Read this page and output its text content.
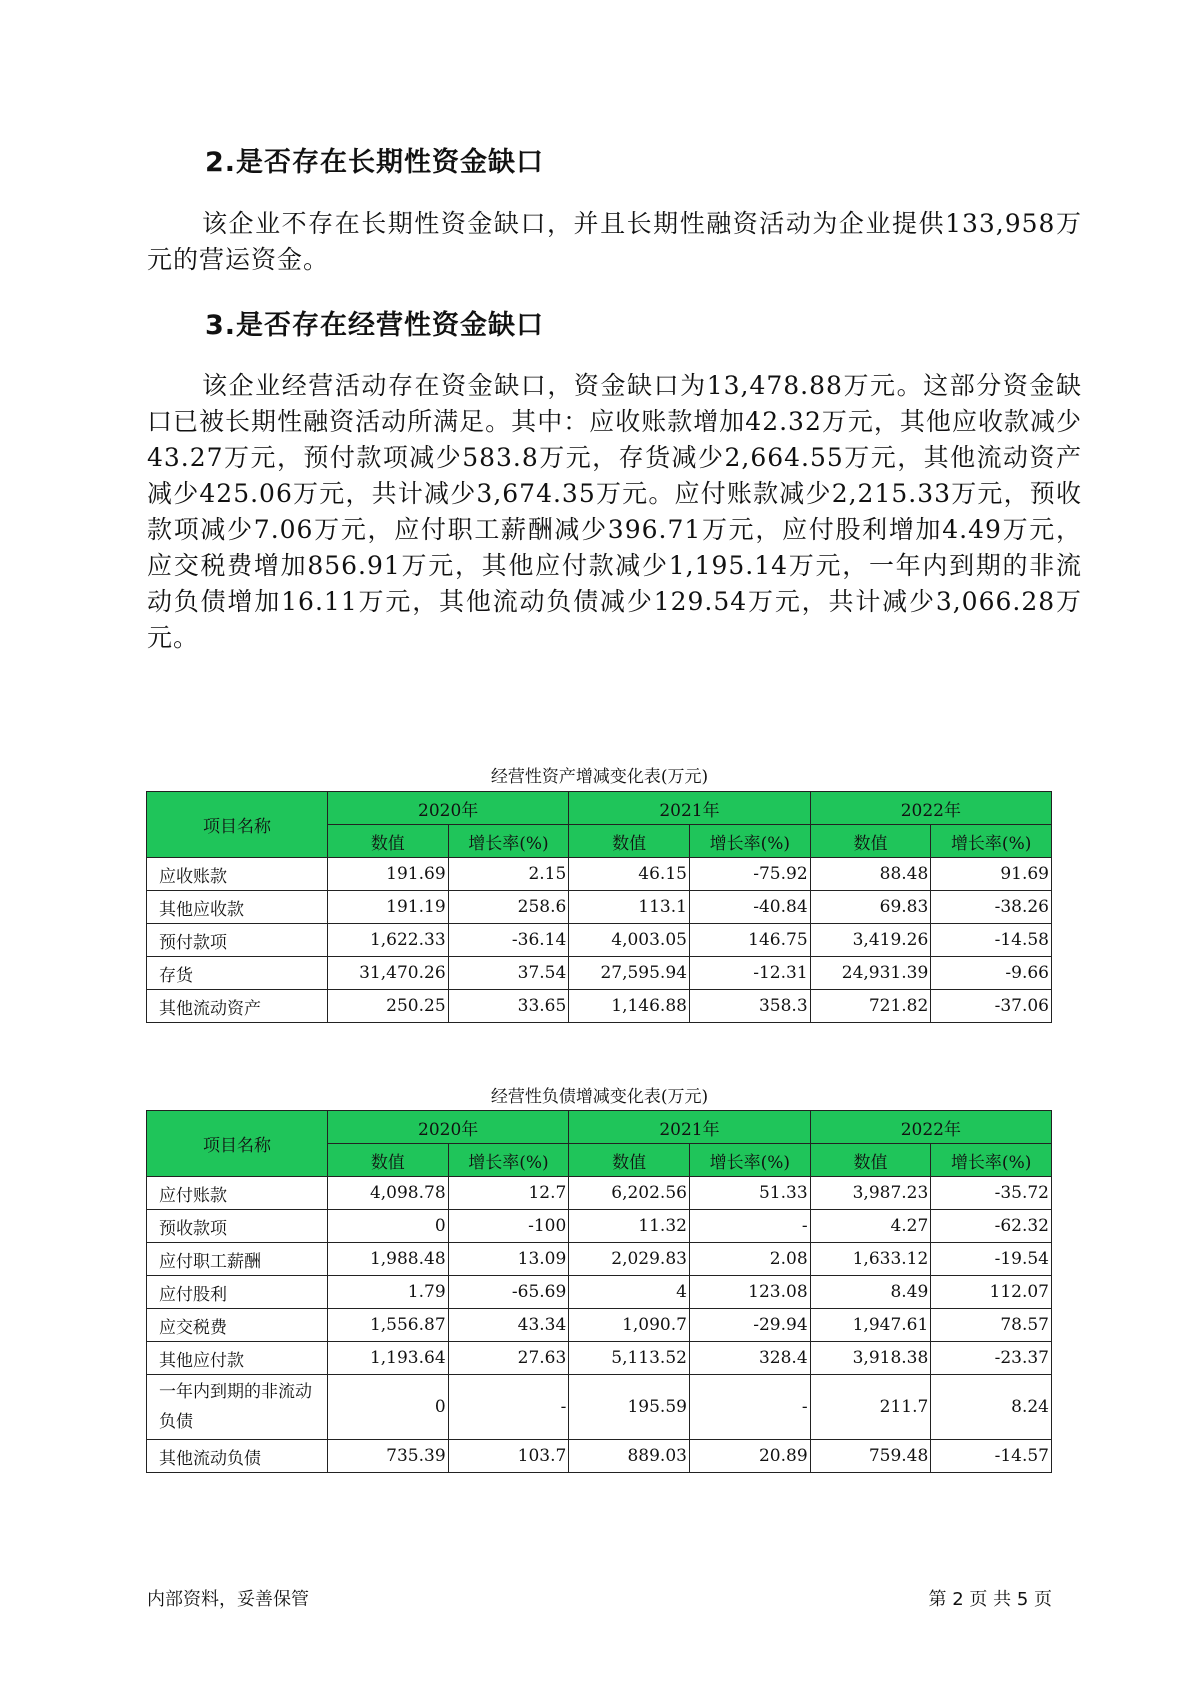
2.是否存在长期性资金缺口
该企业不存在长期性资金缺口，并且长期性融资活动为企业提供133,958万元的营运资金。
3.是否存在经营性资金缺口
该企业经营活动存在资金缺口，资金缺口为13,478.88万元。这部分资金缺口已被长期性融资活动所满足。其中：应收账款增加42.32万元，其他应收款减少43.27万元，预付款项减少583.8万元，存货减少2,664.55万元，其他流动资产减少425.06万元，共计减少3,674.35万元。应付账款减少2,215.33万元，预收款项减少7.06万元，应付职工薪酬减少396.71万元，应付股利增加4.49万元，应交税费增加856.91万元，其他应付款减少1,195.14万元，一年内到期的非流动负债增加16.11万元，其他流动负债减少129.54万元，共计减少3,066.28万元。
经营性资产增减变化表(万元)
项目名称	2020年		2021年		2022年	
	数值	增长率(%)	数值	增长率(%)	数值	增长率(%)
应收账款	191.69	2.15	46.15	-75.92	88.48	91.69
其他应收款	191.19	258.6	113.1	-40.84	69.83	-38.26
预付款项	1,622.33	-36.14	4,003.05	146.75	3,419.26	-14.58
存货	31,470.26	37.54	27,595.94	-12.31	24,931.39	-9.66
其他流动资产	250.25	33.65	1,146.88	358.3	721.82	-37.06
经营性负债增减变化表(万元)
项目名称	2020年		2021年		2022年	
	数值	增长率(%)	数值	增长率(%)	数值	增长率(%)
应付账款	4,098.78	12.7	6,202.56	51.33	3,987.23	-35.72
预收款项	0	-100	11.32	-	4.27	-62.32
应付职工薪酬	1,988.48	13.09	2,029.83	2.08	1,633.12	-19.54
应付股利	1.79	-65.69	4	123.08	8.49	112.07
应交税费	1,556.87	43.34	1,090.7	-29.94	1,947.61	78.57
其他应付款	1,193.64	27.63	5,113.52	328.4	3,918.38	-23.37
一年内到期的非流动负债	0	-	195.59	-	211.7	8.24
其他流动负债	735.39	103.7	889.03	20.89	759.48	-14.57
内部资料，妥善保管	第 2 页 共 5 页
